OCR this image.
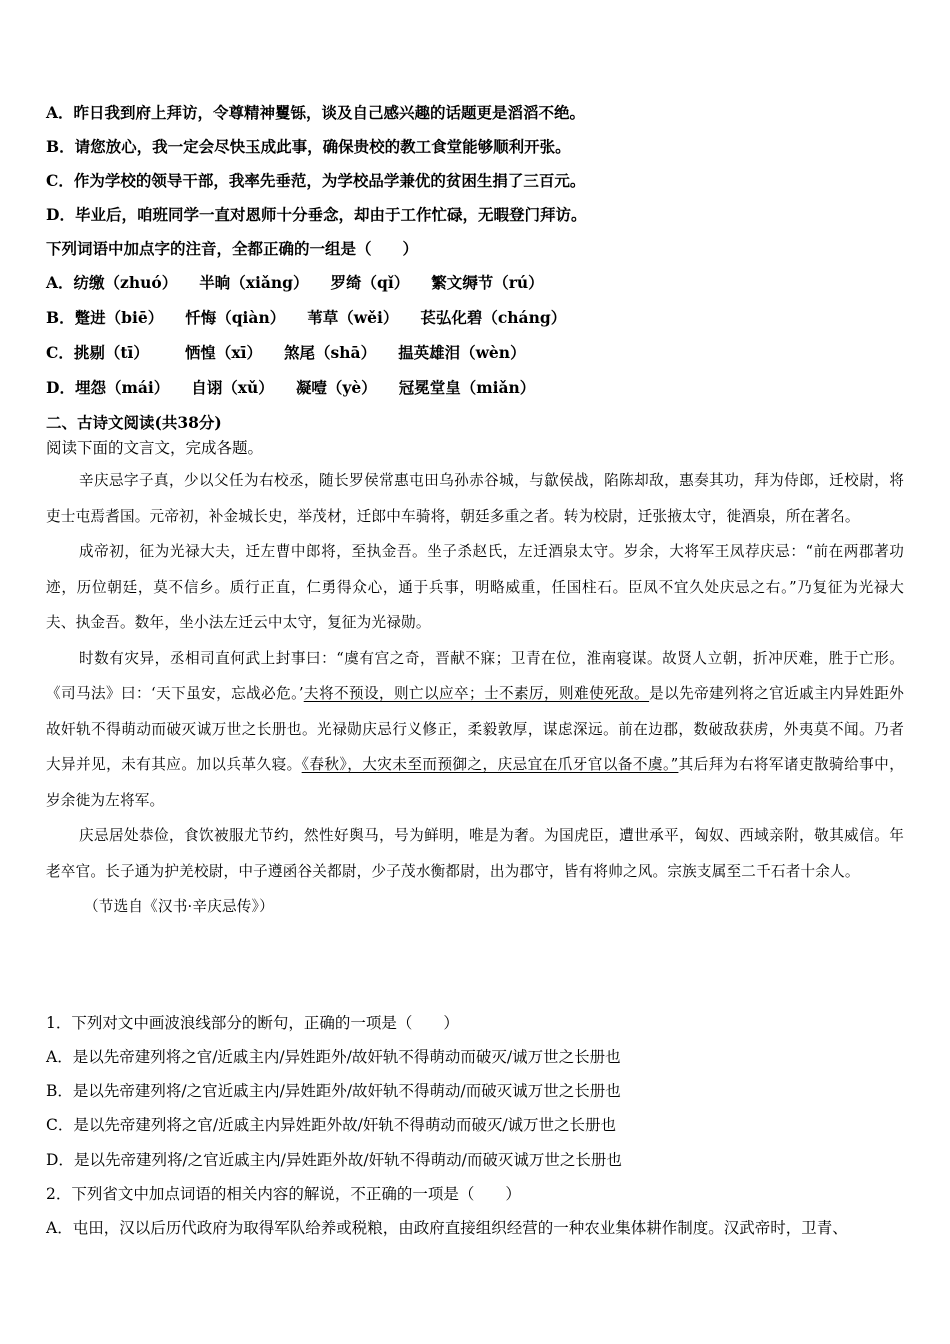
A．昨日我到府上拜访，令尊精神矍铄，谈及自己感兴趣的话题更是滔滔不绝。
B．请您放心，我一定会尽快玉成此事，确保贵校的教工食堂能够顺利开张。
C．作为学校的领导干部，我率先垂范，为学校品学兼优的贫困生捐了三百元。
D．毕业后，咱班同学一直对恩师十分垂念，却由于工作忙碌，无暇登门拜访。
下列词语中加点字的注音，全都正确的一组是（　　）
A．纺缴（zhuó） 半晌（xiǎng） 罗绮（qǐ） 繁文缛节（rú）
B．蹩进（biē） 忏悔（qiàn） 苇草（wěi） 苌弘化碧（cháng）
C．挑剔（tī） 恓惶（xī） 煞尾（shā） 揾英雄泪（wèn）
D．埋怨（mái） 自诩（xǔ） 凝噎（yè） 冠冕堂皇（miǎn）
二、古诗文阅读(共38分)
阅读下面的文言文，完成各题。

辛庆忌字子真，少以父任为右校丞，随长罗侯常惠屯田乌孙赤谷城，与歙侯战，陷陈却敌，惠奏其功，拜为侍郎，迁校尉，将吏士屯焉耆国。元帝初，补金城长史，举茂材，迁郎中车骑将，朝廷多重之者。转为校尉，迁张掖太守，徙酒泉，所在著名。

成帝初，征为光禄大夫，迁左曹中郎将，至执金吾。坐子杀赵氏，左迁酒泉太守。岁余，大将军王凤荐庆忌：“前在两郡著功迹，历位朝廷，莫不信乡。质行正直，仁勇得众心，通于兵事，明略威重，任国柱石。臣凤不宜久处庆忌之右。”乃复征为光禄大夫、执金吾。数年，坐小法左迁云中太守，复征为光禄勋。

时数有灾异，丞相司直何武上封事曰：“虞有宫之奇，晋献不寐；卫青在位，淮南寝谋。故贤人立朝，折冲厌难，胜于亡形。《司马法》曰：‘天下虽安，忘战必危。’夫将不预设，则亡以应卒；士不素厉，则难使死敌。是以先帝建列将之官近戚主内异姓距外故奸轨不得萌动而破灭诚万世之长册也。光禄勋庆忌行义修正，柔毅敦厚，谋虑深远。前在边郡，数破敌获虏，外夷莫不闻。乃者大异并见，未有其应。加以兵革久寝。《春秋》，大灾未至而预御之，庆忌宜在爪牙官以备不虞。”其后拜为右将军诸吏散骑给事中，岁余徙为左将军。

庆忌居处恭俭，食饮被服尤节约，然性好舆马，号为鲜明，唯是为奢。为国虎臣，遭世承平，匈奴、西域亲附，敬其威信。年老卒官。长子通为护羌校尉，中子遵函谷关都尉，少子茂水衡都尉，出为郡守，皆有将帅之风。宗族支属至二千石者十余人。

（节选自《汉书·辛庆忌传》）

1．下列对文中画波浪线部分的断句，正确的一项是（　　）
A．是以先帝建列将之官/近戚主内/异姓距外/故奸轨不得萌动而破灭/诚万世之长册也
B．是以先帝建列将/之官近戚主内/异姓距外/故奸轨不得萌动/而破灭诚万世之长册也
C．是以先帝建列将之官/近戚主内异姓距外故/奸轨不得萌动而破灭/诚万世之长册也
D．是以先帝建列将/之官近戚主内/异姓距外故/奸轨不得萌动/而破灭诚万世之长册也
2．下列省文中加点词语的相关内容的解说，不正确的一项是（　　）
A．屯田，汉以后历代政府为取得军队给养或税粮，由政府直接组织经营的一种农业集体耕作制度。汉武帝时，卫青、
